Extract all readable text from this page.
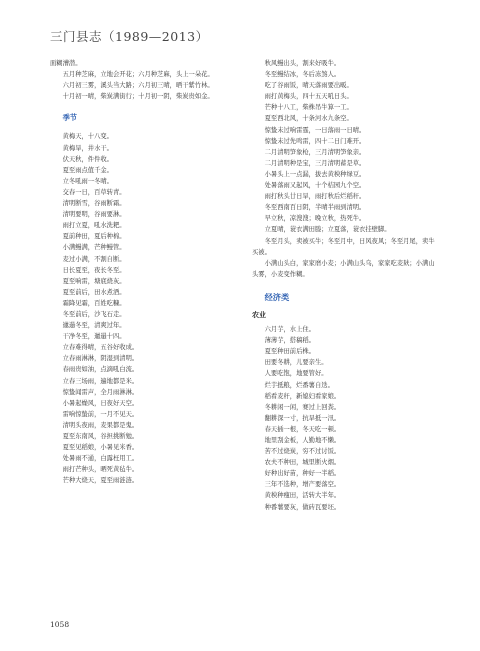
三门县志（1989—2013）
面糊漕潜。
　　五月种芝麻，立地会开花；六月种芝麻，头上一朵花。
　　六月初三雾，溪头当大路；六月初三晴，晒干紫竹林。
　　十月初一晴，柴炭满街行；十月初一阴，柴炭贵如金。
季节
黄梅天，十八变。
黄梅旱，井水干。
伏天秋，件件收。
夏至雨点值千金。
立冬吼雨一冬晴。
交春一日，百草转青。
清明断雪，谷雨断霜。
清明要明，谷雨要淋。
雨打立夏，吼水洗耙。
夏前种田，夏后种棉。
小满鳗满，芒种鳗管。
麦过小满，不割自断。
日长夏至，夜长冬至。
夏至响雷，塘底烧灰。
夏至前后，田水煮酒。
霜降见霜，百姓吃糠。
冬至前后，沙飞石走。
邋遢冬至，清爽过年。
干净冬至，邋遢十四。
立春难得晴，五谷好收成。
立春雨淋淋，阴湿到清明。
春雨贵如油，点滴吼白流。
立春三场雨，遍地都是米。
惊蛰闻雷声，全月雨淋淋。
小暑起燥风，日夜好天空。
雷响惊蛰前，一月不见天。
清明头夜雨，麦果都是鬼。
夏至东南风，谷担挑断勉。
夏至见稻娘，小暑见米香。
处暑雨不通，白露枉用工。
雨打芒种头，晒死黄毡牛。
芒种大烧天，夏至雨涟涟。
秋风鳗出头，割来好吸牛。
冬至鳗结冰，冬后冻煞人。
吃了谷雨饭，晴天落雨要出畈。
雨打黄梅头，四十五天吼日头。
芒种十八工，柴株吊牛算一工。
夏至西北风，十条河水九条空。
惊蛰未过响雷霆，一日落雨一日晴。
惊蛰未过先鸣雷，四十二日门难开。
二月清明笋象枪，三月清明笋象亲。
二月清明种是宝，三月清明蓄是草。
小暑头上一点漏，拔去黄秧种绿豆。
处暑落雨又起风，十个桔园九个空。
雨打秋头廿日旱，雨打秋后烂稻秆。
冬至西南百日阴，半晴半雨到清明。
　　早立秋，凉溲溲；晚立秋，热死牛。
　　立夏晴，蓑衣满田塍；立夏落，蓑衣挂壁脚。
　　冬至月头，卖被买牛；冬至月中，日风夜风；冬至月尾，卖牛买被。
　　小满山头白，家家磨小麦；小满山头乌，家家吃麦麸；小满山头雾，小麦变作糊。
经济类
农业
六月芋，水上住。
薄薄芋，搭稿稻。
夏至种田前后株。
田要冬耕，儿要亲生。
人要吃饱，地要管好。
烂芋抵粮，烂番薯自迭。
稻看麦秆，新媳妇看家娘。
冬耕闲一闲，赛过上回粪。
翻耕深一寸，抗旱抵一汛。
春天插一根，冬天吃一顿。
地里刮金板，人勤地不懒。
苦不过烧炭，穷不过讨饭。
农夫不种田，城里断火烟。
好种出好苗，种好一半稻。
三年不选种，增产要落空。
黄秧种瘦田，活转大半年。
种番薯要灰，做砖瓦要坯。
1058
